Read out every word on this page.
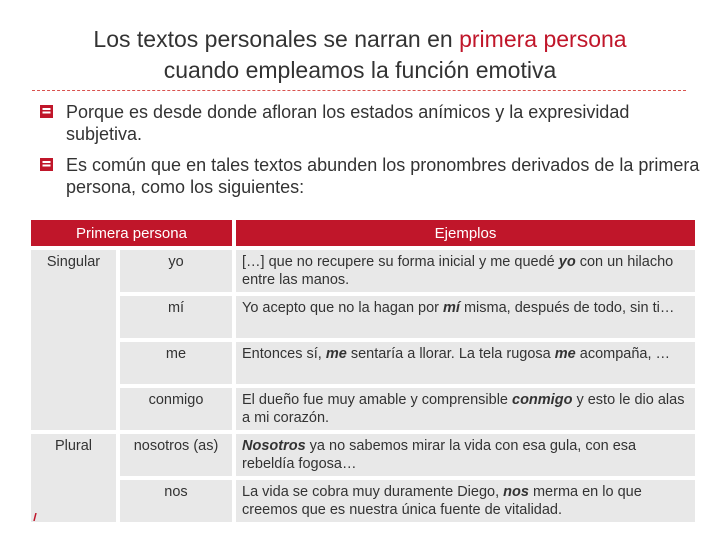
Los textos personales se narran en primera persona
cuando empleamos la función emotiva
Porque es desde donde afloran los estados anímicos y la expresividad subjetiva.
Es común que en tales textos abunden los pronombres derivados de la primera persona, como los siguientes:
Primera persona		Ejemplos
Singular	yo	[…] que no recupere su forma inicial y me quedé yo con un hilacho entre las manos.
	mí	Yo acepto que no la hagan por mí misma, después de todo, sin ti…
	me	Entonces sí, me sentaría a llorar. La tela rugosa me acompaña, …
	conmigo	El dueño fue muy amable y comprensible conmigo y esto le dio alas a mi corazón.
Plural	nosotros (as)	Nosotros ya no sabemos mirar la vida con esa gula, con esa rebeldía fogosa…
	nos	La vida se cobra muy duramente Diego, nos merma en lo que creemos que es nuestra única fuente de vitalidad.
